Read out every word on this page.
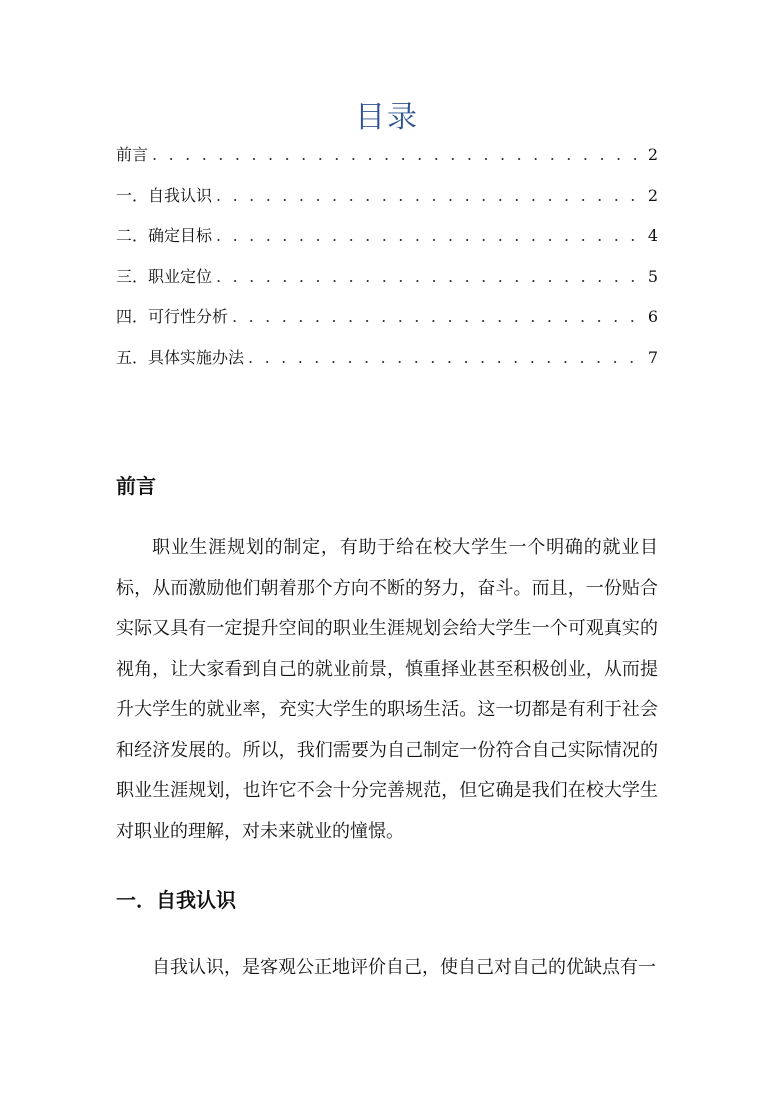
目录
前言 . . .	2
一．自我认识 . . .	2
二．确定目标 . . .	4
三．职业定位 . . .	5
四．可行性分析 . . .	6
五．具体实施办法 . . .	7
前言

职业生涯规划的制定，有助于给在校大学生一个明确的就业目标，从而激励他们朝着那个方向不断的努力，奋斗。而且，一份贴合实际又具有一定提升空间的职业生涯规划会给大学生一个可观真实的视角，让大家看到自己的就业前景，慎重择业甚至积极创业，从而提升大学生的就业率，充实大学生的职场生活。这一切都是有利于社会和经济发展的。所以，我们需要为自己制定一份符合自己实际情况的职业生涯规划，也许它不会十分完善规范，但它确是我们在校大学生对职业的理解，对未来就业的憧憬。

一．自我认识

自我认识，是客观公正地评价自己，使自己对自己的优缺点有一
